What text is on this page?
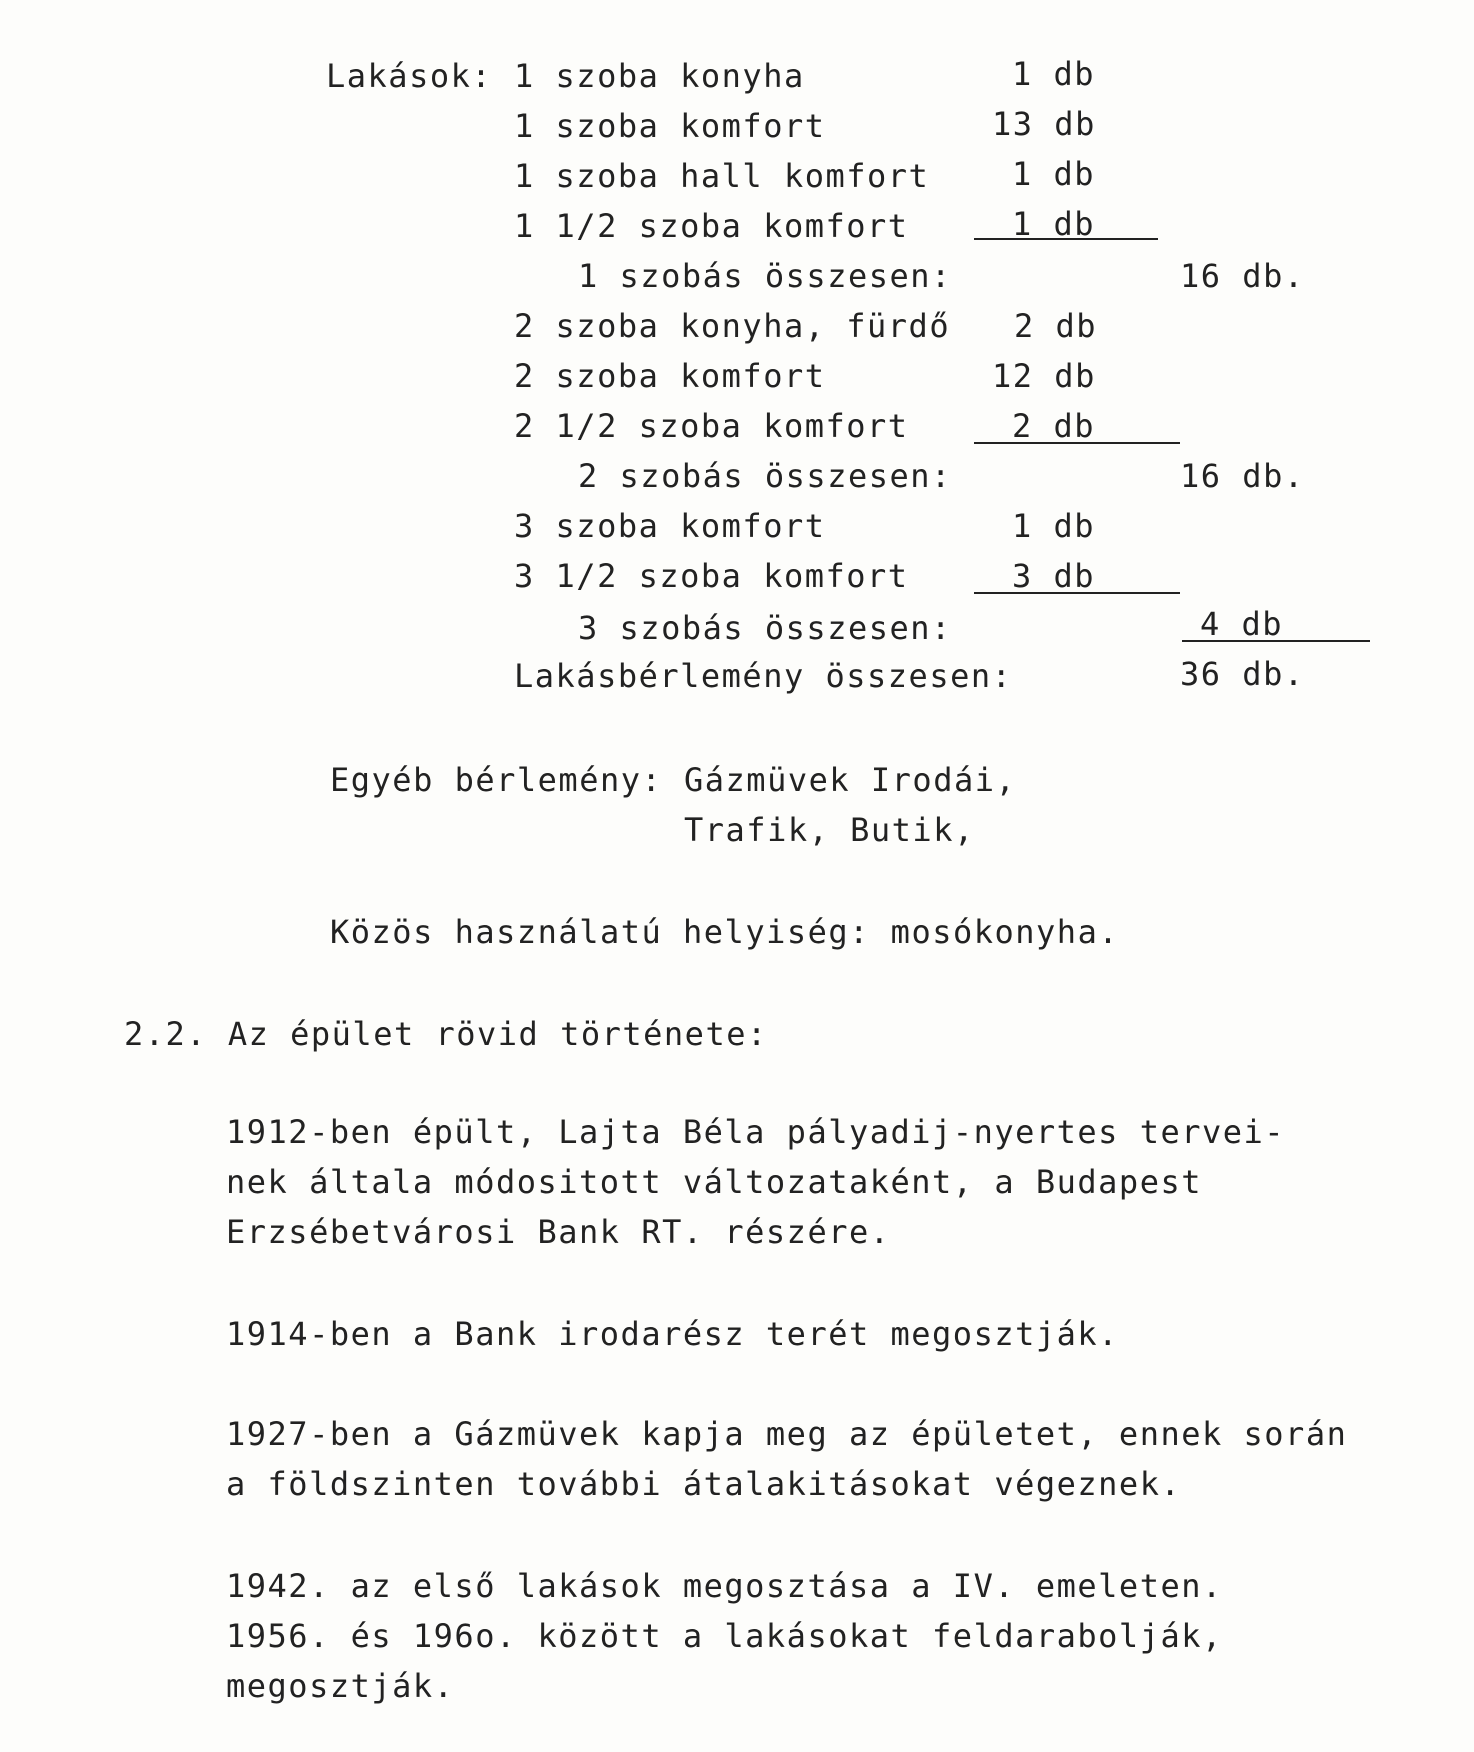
Lakások: 1 szoba konyha	1 db
1 szoba komfort	13 db
1 szoba hall komfort	1 db
1 1/2 szoba komfort	1 db
1 szobás összesen:	16 db.
2 szoba konyha, fürdő 2 db
2 szoba komfort	12 db
2 1/2 szoba komfort	2 db
2 szobás összesen:	16 db.
3 szoba komfort	1 db
3 1/2 szoba komfort	3 db
3 szobás összesen:	4 db
Lakásbérlemény összesen:	36 db.
Egyéb bérlemény: Gázmüvek Irodái,
Trafik, Butik,
Közös használatú helyiség: mosókonyha.
2.2. Az épület rövid története:
1912-ben épült, Lajta Béla pályadij-nyertes tervei-
nek általa módositott változataként, a Budapest
Erzsébetvárosi Bank RT. részére.
1914-ben a Bank irodarész terét megosztják.
1927-ben a Gázmüvek kapja meg az épületet, ennek során
a földszinten további átalakitásokat végeznek.
1942. az első lakások megosztása a IV. emeleten.
1956. és 196o. között a lakásokat feldarabolják,
megosztják.
